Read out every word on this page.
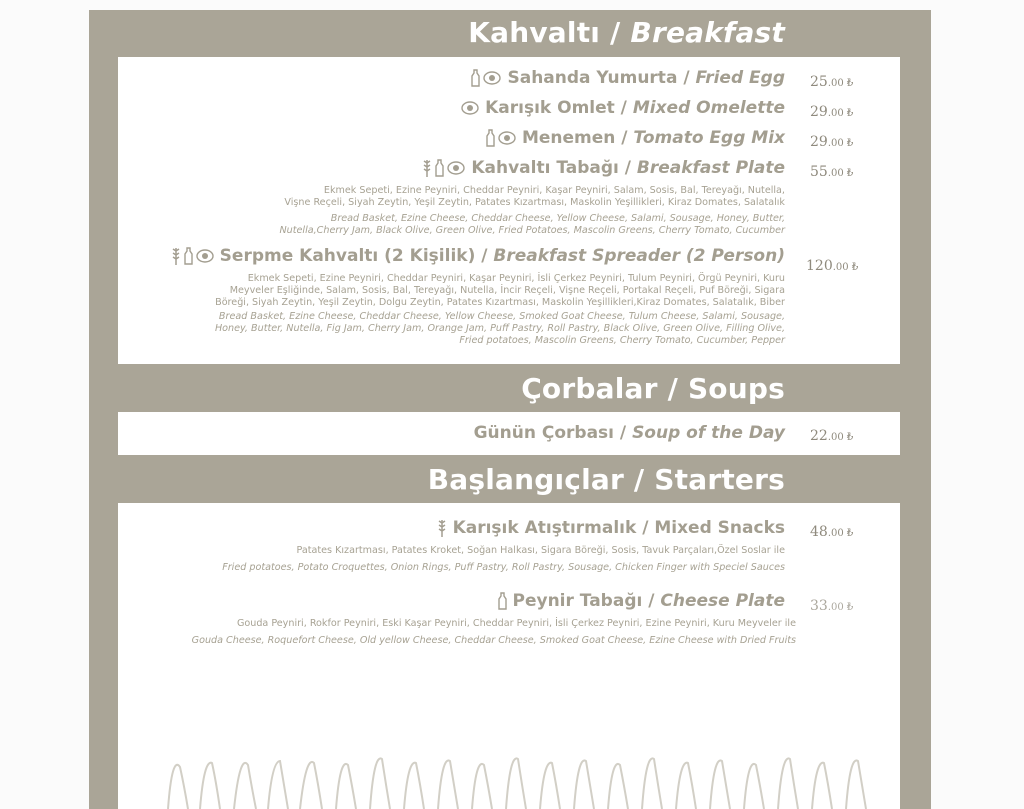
Kahvaltı / Breakfast
Sahanda Yumurta /
Fried Egg 25.00 ₺
Karışık Omlet /
Mixed Omelette 29.00 ₺
Menemen /
Tomato Egg Mix 29.00 ₺
Kahvaltı Tabağı /
Breakfast Plate 55.00 ₺
Ekmek Sepeti, Ezine Peyniri, Cheddar Peyniri, Kaşar Peyniri, Salam, Sosis, Bal, Tereyağı, Nutella,
Vişne Reçeli, Siyah Zeytin, Yeşil Zeytin, Patates Kızartması, Maskolin Yeşillikleri, Kiraz Domates, Salatalık
Bread Basket, Ezine Cheese, Cheddar Cheese, Yellow Cheese, Salami, Sousage, Honey, Butter,
Nutella,Cherry Jam, Black Olive, Green Olive, Fried Potatoes, Mascolin Greens, Cherry Tomato, Cucumber
Serpme Kahvaltı (2 Kişilik) /
Breakfast Spreader (2 Person) 120.00 ₺
Ekmek Sepeti, Ezine Peyniri, Cheddar Peyniri, Kaşar Peyniri, İsli Çerkez Peyniri, Tulum Peyniri, Örgü Peyniri, Kuru
Meyveler Eşliğinde, Salam, Sosis, Bal, Tereyağı, Nutella, İncir Reçeli, Vişne Reçeli, Portakal Reçeli, Puf Böreği, Sigara
Böreği, Siyah Zeytin, Yeşil Zeytin, Dolgu Zeytin, Patates Kızartması, Maskolin Yeşillikleri,Kiraz Domates, Salatalık, Biber
Bread Basket, Ezine Cheese, Cheddar Cheese, Yellow Cheese, Smoked Goat Cheese, Tulum Cheese, Salami, Sousage,
Honey, Butter, Nutella, Fig Jam, Cherry Jam, Orange Jam, Puff Pastry, Roll Pastry, Black Olive, Green Olive, Filling Olive,
Fried potatoes, Mascolin Greens, Cherry Tomato, Cucumber, Pepper
Çorbalar / Soups
Günün Çorbası /
Soup of the Day 22.00 ₺
Başlangıçlar / Starters
Karışık Atıştırmalık / Mixed Snacks 48.00 ₺
Patates Kızartması, Patates Kroket, Soğan Halkası, Sigara Böreği, Sosis, Tavuk Parçaları,Özel Soslar ile
Fried potatoes, Potato Croquettes, Onion Rings, Puff Pastry, Roll Pastry, Sousage, Chicken Finger with Speciel Sauces
Peynir Tabağı /
Cheese Plate 33.00 ₺
Gouda Peyniri, Rokfor Peyniri, Eski Kaşar Peyniri, Cheddar Peyniri, İsli Çerkez Peyniri, Ezine Peyniri, Kuru Meyveler ile
Gouda Cheese, Roquefort Cheese, Old yellow Cheese, Cheddar Cheese, Smoked Goat Cheese, Ezine Cheese with Dried Fruits
